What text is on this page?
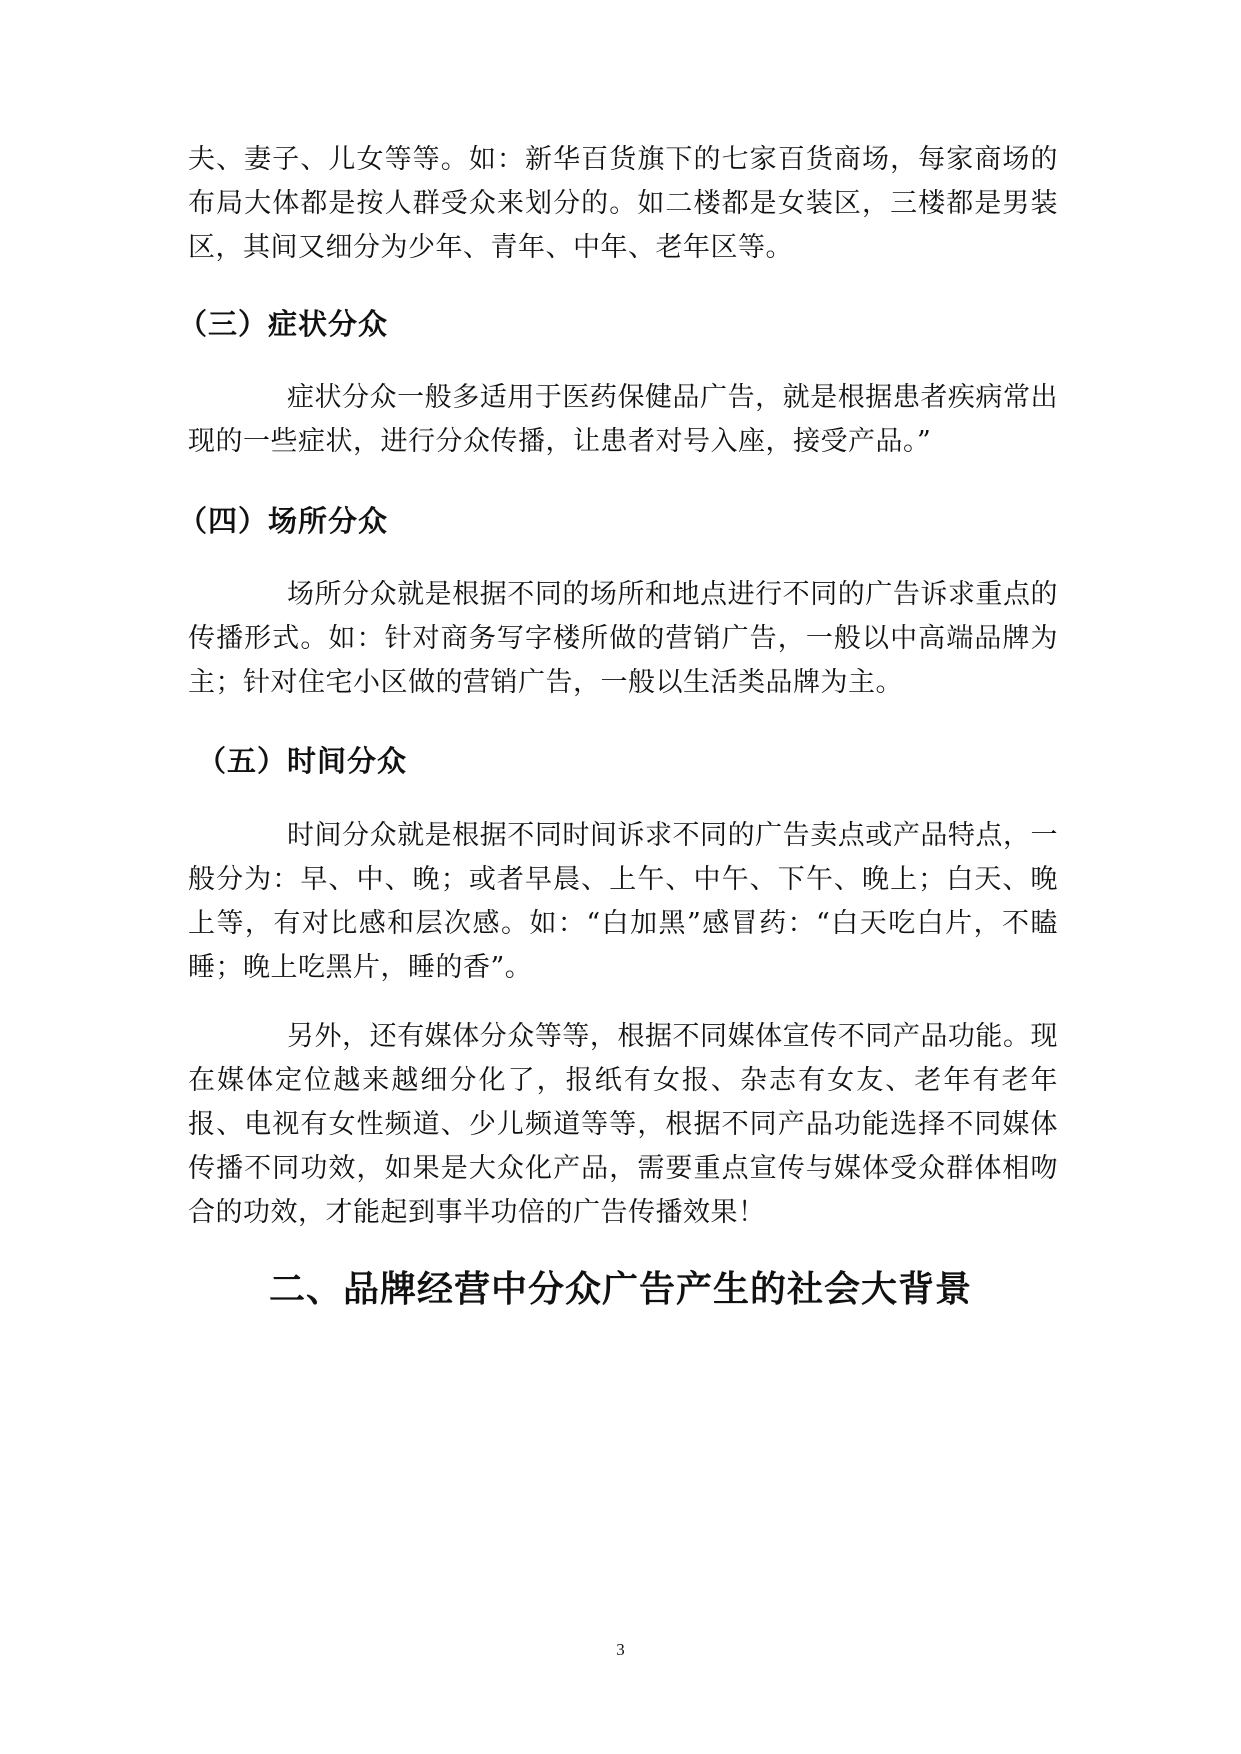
夫、妻子、儿女等等。如：新华百货旗下的七家百货商场，每家商场的布局大体都是按人群受众来划分的。如二楼都是女装区，三楼都是男装区，其间又细分为少年、青年、中年、老年区等。

（三）症状分众

症状分众一般多适用于医药保健品广告，就是根据患者疾病常出现的一些症状，进行分众传播，让患者对号入座，接受产品。”

（四）场所分众

场所分众就是根据不同的场所和地点进行不同的广告诉求重点的传播形式。如：针对商务写字楼所做的营销广告，一般以中高端品牌为主；针对住宅小区做的营销广告，一般以生活类品牌为主。

（五）时间分众

时间分众就是根据不同时间诉求不同的广告卖点或产品特点，一般分为：早、中、晚；或者早晨、上午、中午、下午、晚上；白天、晚上等，有对比感和层次感。如：“白加黑”感冒药：“白天吃白片，不瞌睡；晚上吃黑片，睡的香”。

另外，还有媒体分众等等，根据不同媒体宣传不同产品功能。现在媒体定位越来越细分化了，报纸有女报、杂志有女友、老年有老年报、电视有女性频道、少儿频道等等，根据不同产品功能选择不同媒体传播不同功效，如果是大众化产品，需要重点宣传与媒体受众群体相吻合的功效，才能起到事半功倍的广告传播效果！

二、品牌经营中分众广告产生的社会大背景
3
